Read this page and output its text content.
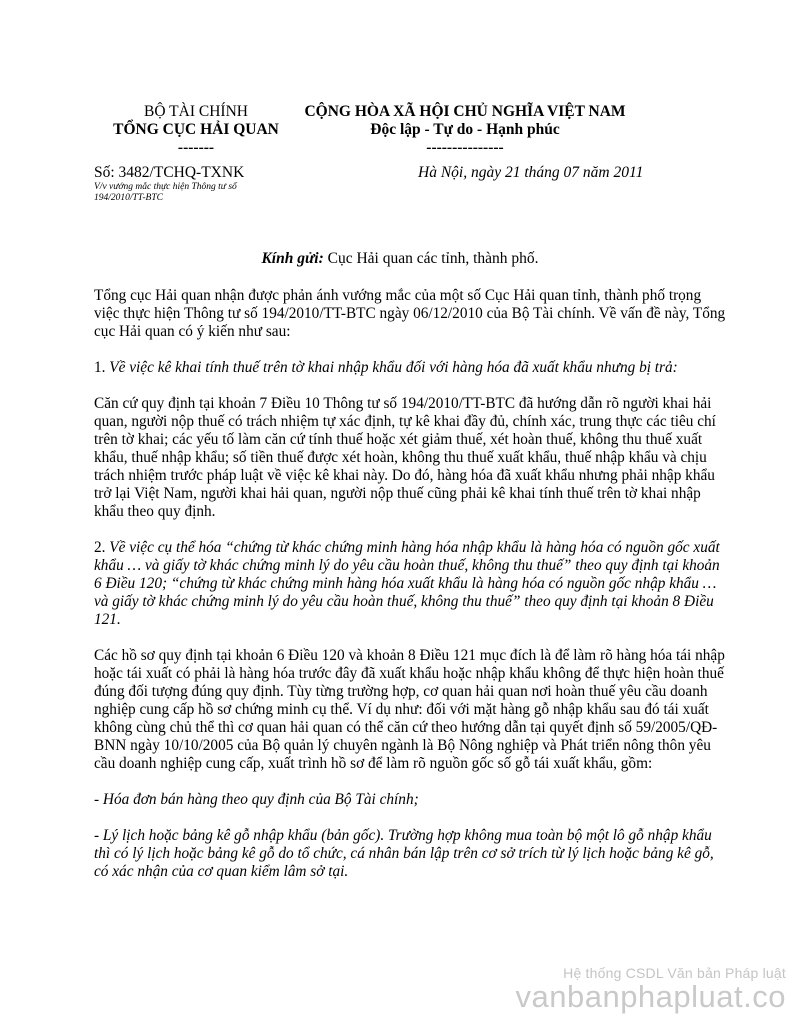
BỘ TÀI CHÍNH
TỔNG CỤC HẢI QUAN
-------
CỘNG HÒA XÃ HỘI CHỦ NGHĨA VIỆT NAM
Độc lập - Tự do - Hạnh phúc
---------------
Số: 3482/TCHQ-TXNK
V/v vướng mắc thực hiện Thông tư số 194/2010/TT-BTC
Hà Nội, ngày 21 tháng 07 năm 2011
Kính gửi: Cục Hải quan các tỉnh, thành phố.

Tổng cục Hải quan nhận được phản ánh vướng mắc của một số Cục Hải quan tỉnh, thành phố trọng việc thực hiện Thông tư số 194/2010/TT-BTC ngày 06/12/2010 của Bộ Tài chính. Về vấn đề này, Tổng cục Hải quan có ý kiến như sau:

1. Về việc kê khai tính thuế trên tờ khai nhập khẩu đối với hàng hóa đã xuất khẩu nhưng bị trả:

Căn cứ quy định tại khoản 7 Điều 10 Thông tư số 194/2010/TT-BTC đã hướng dẫn rõ người khai hải quan, người nộp thuế có trách nhiệm tự xác định, tự kê khai đầy đủ, chính xác, trung thực các tiêu chí trên tờ khai; các yếu tố làm căn cứ tính thuế hoặc xét giảm thuế, xét hoàn thuế, không thu thuế xuất khẩu, thuế nhập khẩu; số tiền thuế được xét hoàn, không thu thuế xuất khẩu, thuế nhập khẩu và chịu trách nhiệm trước pháp luật về việc kê khai này. Do đó, hàng hóa đã xuất khẩu nhưng phải nhập khẩu trở lại Việt Nam, người khai hải quan, người nộp thuế cũng phải kê khai tính thuế trên tờ khai nhập khẩu theo quy định.

2. Về việc cụ thể hóa “chứng từ khác chứng minh hàng hóa nhập khẩu là hàng hóa có nguồn gốc xuất khẩu … và giấy tờ khác chứng minh lý do yêu cầu hoàn thuế, không thu thuế” theo quy định tại khoản 6 Điều 120; “chứng từ khác chứng minh hàng hóa xuất khẩu là hàng hóa có nguồn gốc nhập khẩu … và giấy tờ khác chứng minh lý do yêu cầu hoàn thuế, không thu thuế” theo quy định tại khoản 8 Điều 121.

Các hồ sơ quy định tại khoản 6 Điều 120 và khoản 8 Điều 121 mục đích là để làm rõ hàng hóa tái nhập hoặc tái xuất có phải là hàng hóa trước đây đã xuất khẩu hoặc nhập khẩu không để thực hiện hoàn thuế đúng đối tượng đúng quy định. Tùy từng trường hợp, cơ quan hải quan nơi hoàn thuế yêu cầu doanh nghiệp cung cấp hồ sơ chứng minh cụ thể. Ví dụ như: đối với mặt hàng gỗ nhập khẩu sau đó tái xuất không cùng chủ thể thì cơ quan hải quan có thể căn cứ theo hướng dẫn tại quyết định số 59/2005/QĐ-BNN ngày 10/10/2005 của Bộ quản lý chuyên ngành là Bộ Nông nghiệp và Phát triển nông thôn yêu cầu doanh nghiệp cung cấp, xuất trình hồ sơ để làm rõ nguồn gốc số gỗ tái xuất khẩu, gồm:

- Hóa đơn bán hàng theo quy định của Bộ Tài chính;

- Lý lịch hoặc bảng kê gỗ nhập khẩu (bản gốc). Trường hợp không mua toàn bộ một lô gỗ nhập khẩu thì có lý lịch hoặc bảng kê gỗ do tổ chức, cá nhân bán lập trên cơ sở trích từ lý lịch hoặc bảng kê gỗ, có xác nhận của cơ quan kiểm lâm sở tại.

Hệ thống CSDL Văn bản Pháp luật
vanbanphapluat.co
